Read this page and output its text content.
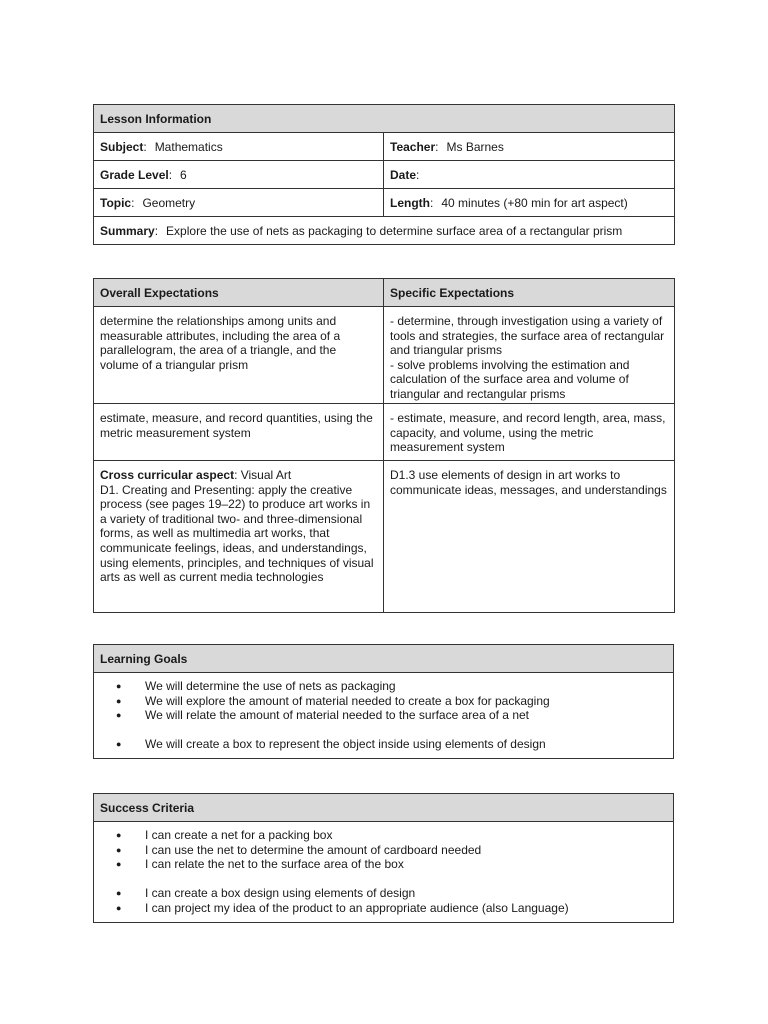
Lesson Information	
Subject: Mathematics	Teacher: Ms Barnes
Grade Level: 6	Date:
Topic: Geometry	Length: 40 minutes (+80 min for art aspect)
Summary: Explore the use of nets as packaging to determine surface area of a rectangular prism	
Overall Expectations	Specific Expectations
determine the relationships among units and measurable attributes, including the area of a parallelogram, the area of a triangle, and the volume of a triangular prism	- determine, through investigation using a variety of tools and strategies, the surface area of rectangular and triangular prisms

- solve problems involving the estimation and calculation of the surface area and volume of triangular and rectangular prisms

estimate, measure, and record quantities, using the metric measurement system	- estimate, measure, and record length, area, mass, capacity, and volume, using the metric measurement system

Cross curricular aspect: Visual Art

D1. Creating and Presenting: apply the creative process (see pages 19–22) to produce art works in a variety of traditional two- and three-dimensional forms, as well as multimedia art works, that communicate feelings, ideas, and understandings, using elements, principles, and techniques of visual arts as well as current media technologies	D1.3 use elements of design in art works to communicate ideas, messages, and understandings

Learning Goals

● We will determine the use of nets as packaging
● We will explore the amount of material needed to create a box for packaging
● We will relate the amount of material needed to the surface area of a net
● We will create a box to represent the object inside using elements of design
Success Criteria

● I can create a net for a packing box
● I can use the net to determine the amount of cardboard needed
● I can relate the net to the surface area of the box
● I can create a box design using elements of design
● I can project my idea of the product to an appropriate audience (also Language)
